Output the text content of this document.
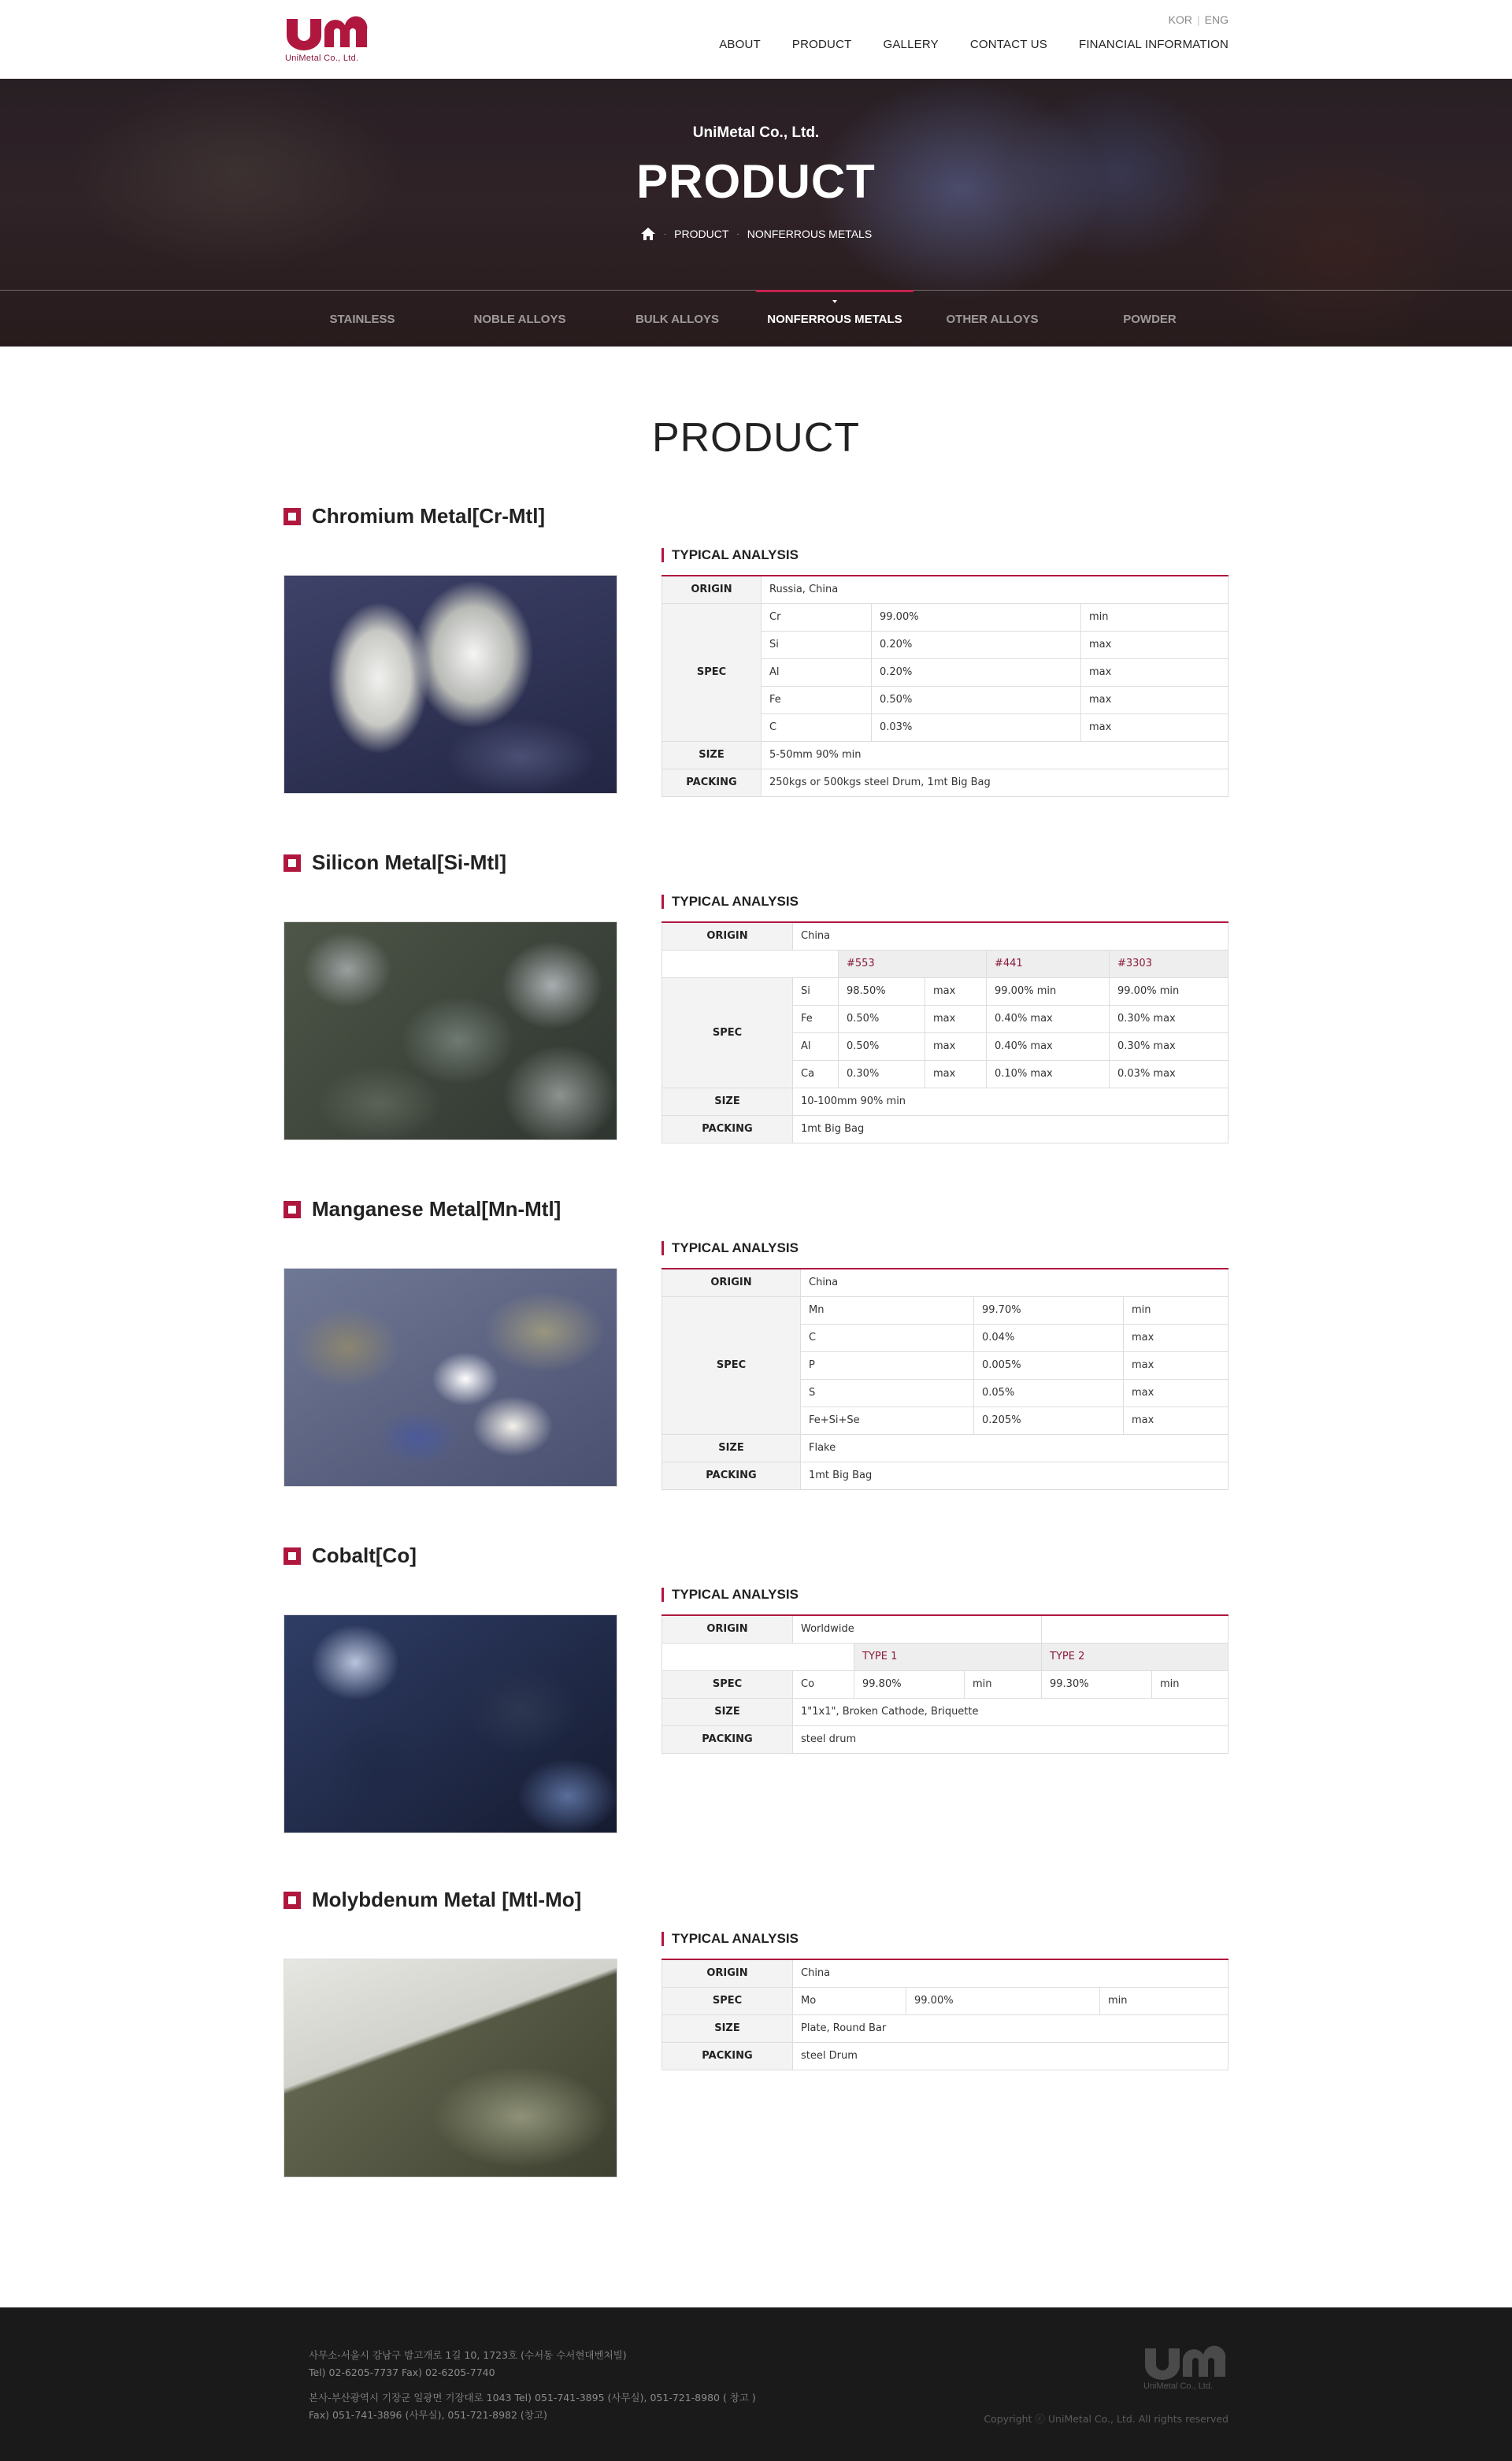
UniMetal Co., Ltd.
KOR | ENG
ABOUT	PRODUCT	GALLERY	CONTACT US	FINANCIAL INFORMATION
UniMetal Co., Ltd.
PRODUCT
· PRODUCT · NONFERROUS METALS
STAINLESS	NOBLE ALLOYS	BULK ALLOYS	NONFERROUS METALS	OTHER ALLOYS	POWDER
PRODUCT
Chromium Metal[Cr-Mtl]
TYPICAL ANALYSIS
ORIGIN	Russia, China		
SPEC	Cr	99.00%	min
	Si	0.20%	max
	Al	0.20%	max
	Fe	0.50%	max
	C	0.03%	max
SIZE	5-50mm 90% min		
PACKING	250kgs or 500kgs steel Drum, 1mt Big Bag		
Silicon Metal[Si-Mtl]
TYPICAL ANALYSIS
ORIGIN	China				
		#553		#441	#3303
SPEC	Si	98.50%	max	99.00% min	99.00% min
	Fe	0.50%	max	0.40% max	0.30% max
	Al	0.50%	max	0.40% max	0.30% max
	Ca	0.30%	max	0.10% max	0.03% max
SIZE	10-100mm 90% min				
PACKING	1mt Big Bag				
Manganese Metal[Mn-Mtl]
TYPICAL ANALYSIS
ORIGIN	China		
SPEC	Mn	99.70%	min
	C	0.04%	max
	P	0.005%	max
	S	0.05%	max
	Fe+Si+Se	0.205%	max
SIZE	Flake		
PACKING	1mt Big Bag		
Cobalt[Co]
TYPICAL ANALYSIS
ORIGIN	Worldwide				
		TYPE 1		TYPE 2	
SPEC	Co	99.80%	min	99.30%	min
SIZE	1"1x1", Broken Cathode, Briquette				
PACKING	steel drum				
Molybdenum Metal [Mtl-Mo]
TYPICAL ANALYSIS
ORIGIN	China		
SPEC	Mo	99.00%	min
SIZE	Plate, Round Bar		
PACKING	steel Drum		
사무소-서울시 강남구 밤고개로 1길 10, 1723호 (수서동 수서현대벤처빌)
Tel) 02-6205-7737 Fax) 02-6205-7740
본사-부산광역시 기장군 일광면 기장대로 1043 Tel) 051-741-3895 (사무실), 051-721-8980 ( 창고 )
Fax) 051-741-3896 (사무실), 051-721-8982 (창고)
UniMetal Co., Ltd.
Copyright ⓒ UniMetal Co., Ltd. All rights reserved
